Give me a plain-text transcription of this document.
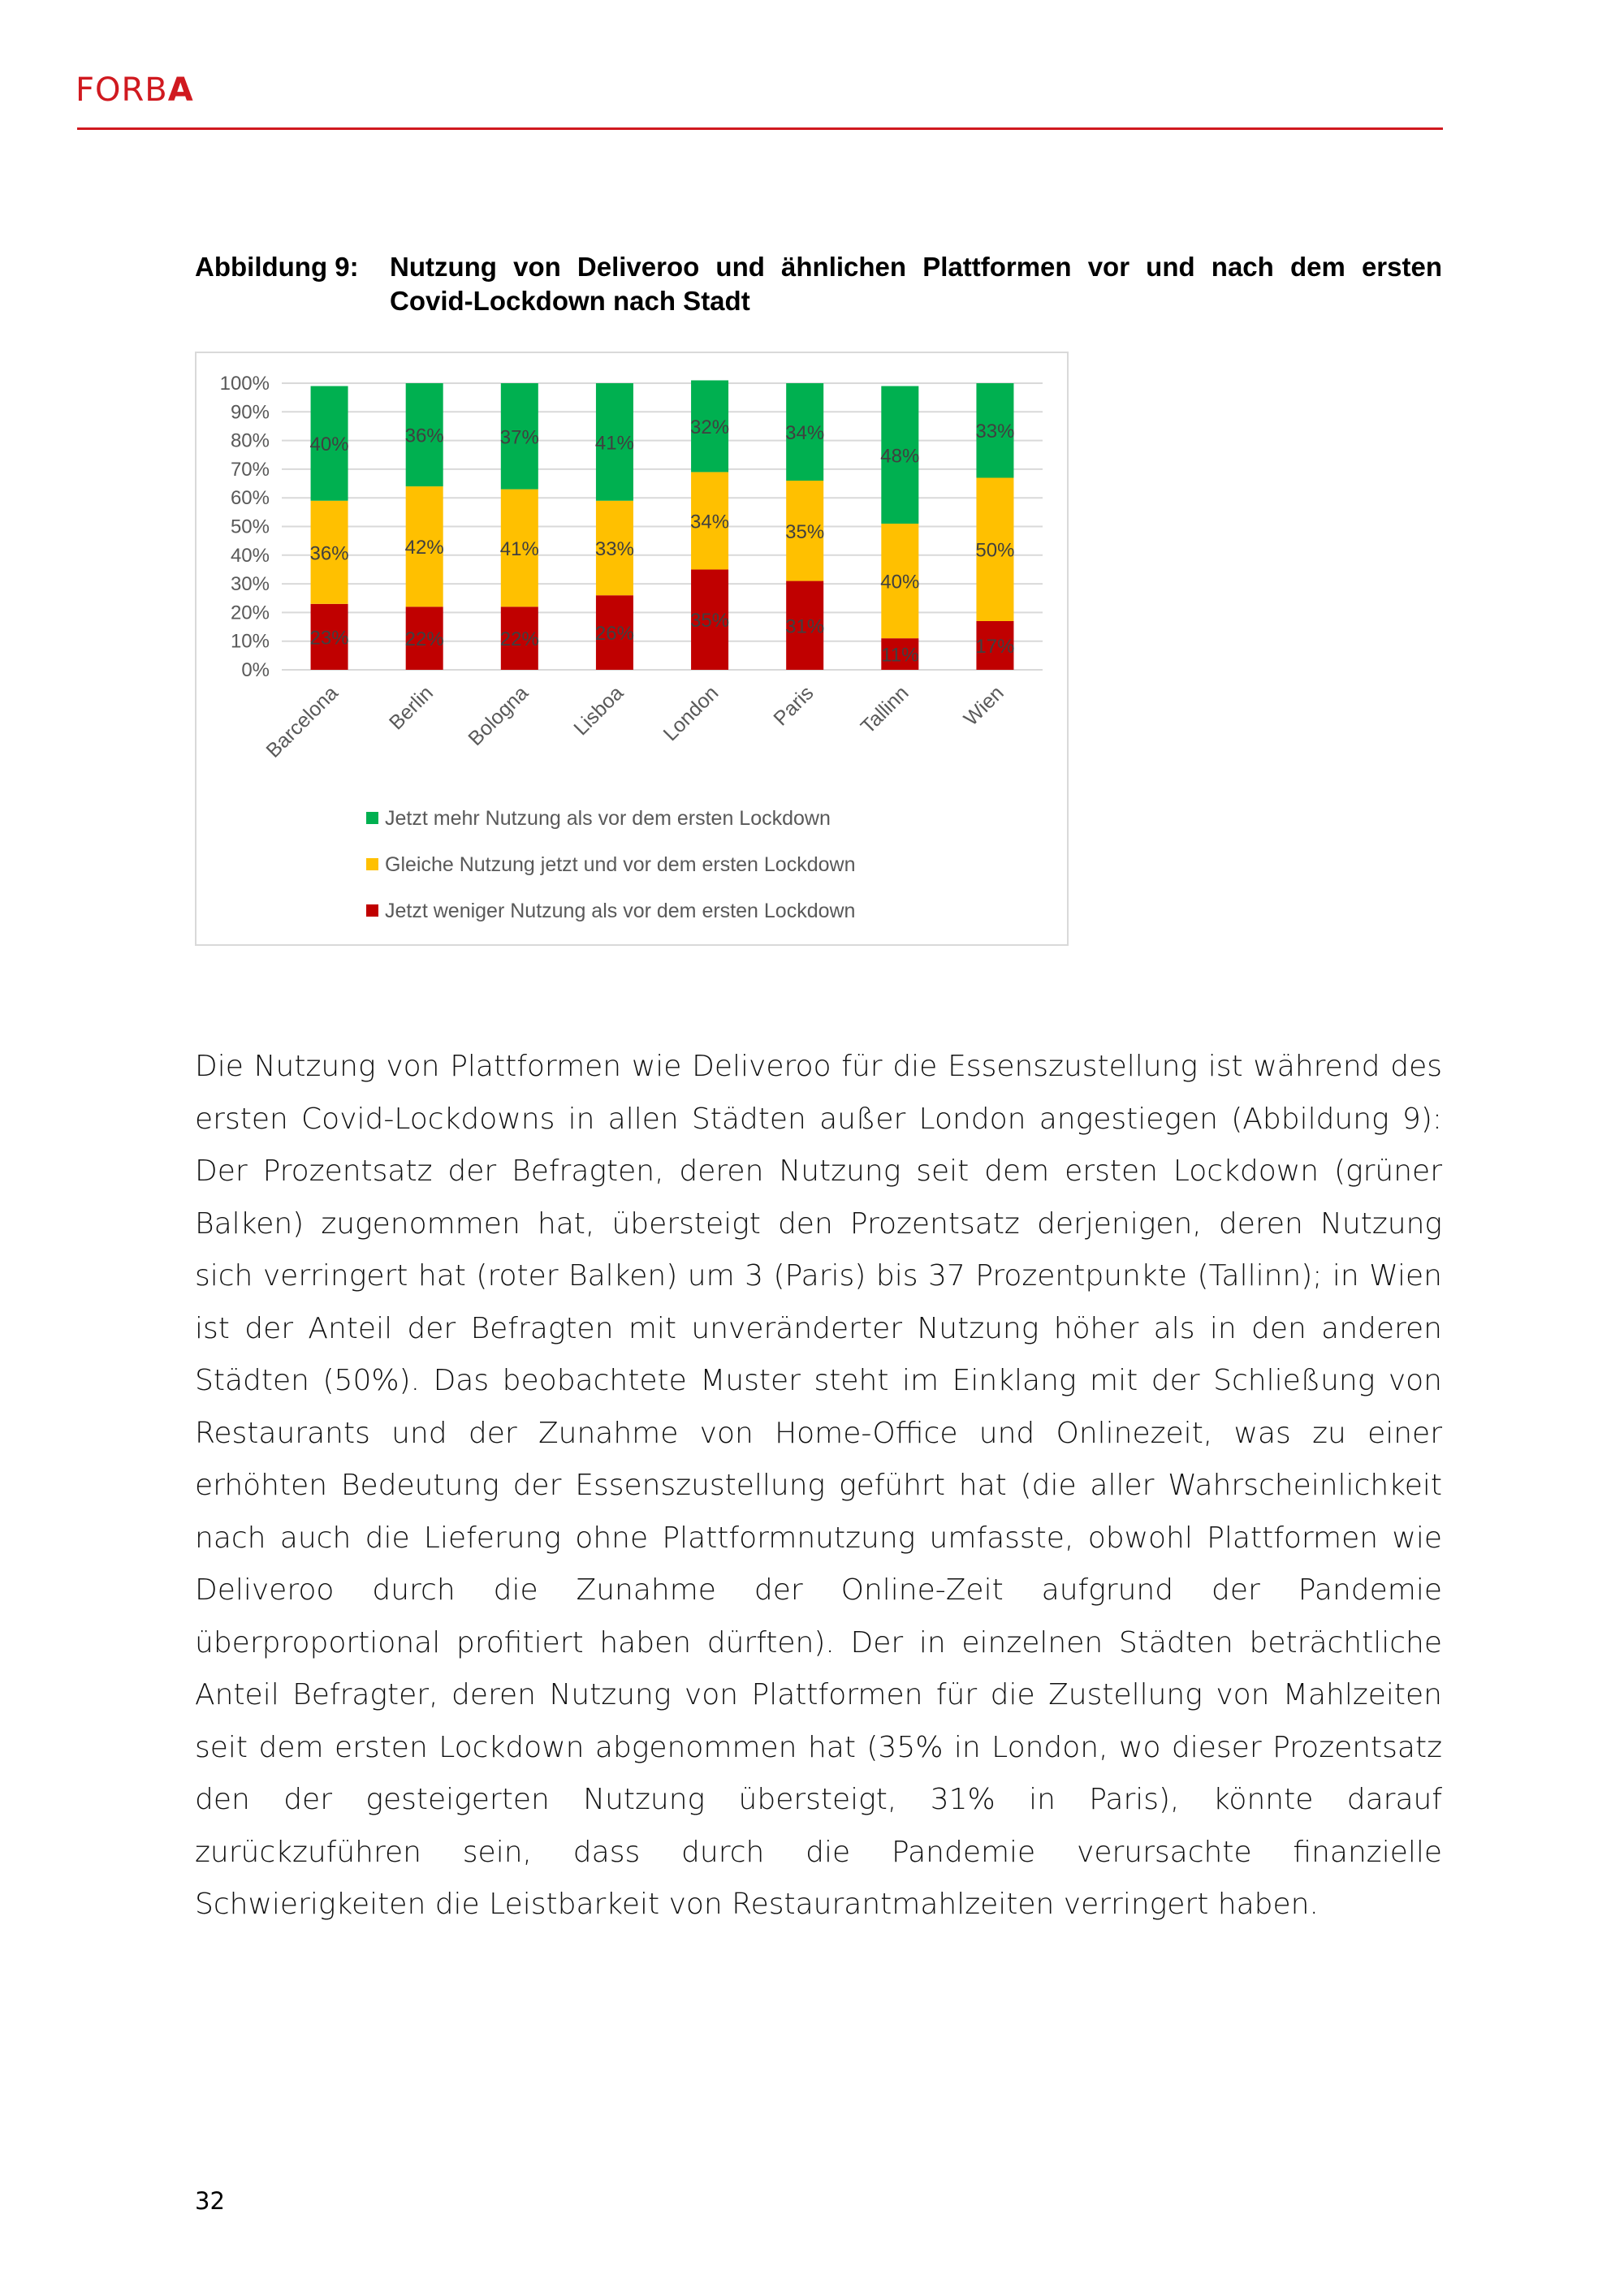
FORBA
Abbildung 9: Nutzung von Deliveroo und ähnlichen Plattformen vor und nach dem ersten Covid-Lockdown nach Stadt
0%
10%
20%
30%
40%
50%
60%
70%
80%
90%
100%
23%
36%
40%
Barcelona
22%
42%
36%
Berlin
22%
41%
37%
Bologna
26%
33%
41%
Lisboa
35%
34%
32%
London
31%
35%
34%
Paris
11%
40%
48%
Tallinn
17%
50%
33%
Wien
Jetzt mehr Nutzung als vor dem ersten Lockdown
Gleiche Nutzung jetzt und vor dem ersten Lockdown
Jetzt weniger Nutzung als vor dem ersten Lockdown

Die Nutzung von Plattformen wie Deliveroo für die Essenszustellung ist während des ersten Covid-Lockdowns in allen Städten außer London angestiegen (Abbildung 9): Der Prozentsatz der Befragten, deren Nutzung seit dem ersten Lockdown (grüner Balken) zugenommen hat, übersteigt den Prozentsatz derjenigen, deren Nutzung sich verringert hat (roter Balken) um 3 (Paris) bis 37 Prozentpunkte (Tallinn); in Wien ist der Anteil der Befragten mit unveränderter Nutzung höher als in den anderen Städten (50%). Das beobachtete Muster steht im Einklang mit der Schließung von Restaurants und der Zunahme von Home-Office und Onlinezeit, was zu einer erhöhten Bedeutung der Essenszustellung geführt hat (die aller Wahrscheinlichkeit nach auch die Lieferung ohne Plattformnutzung umfasste, obwohl Plattformen wie Deliveroo durch die Zunahme der Online-Zeit aufgrund der Pandemie überproportional profitiert haben dürften). Der in einzelnen Städten beträchtliche Anteil Befragter, deren Nutzung von Plattformen für die Zustellung von Mahlzeiten seit dem ersten Lockdown abgenommen hat (35% in London, wo dieser Prozentsatz den der gesteigerten Nutzung übersteigt, 31% in Paris), könnte darauf zurückzuführen sein, dass durch die Pandemie verursachte finanzielle Schwierigkeiten die Leistbarkeit von Restaurantmahlzeiten verringert haben.

32
